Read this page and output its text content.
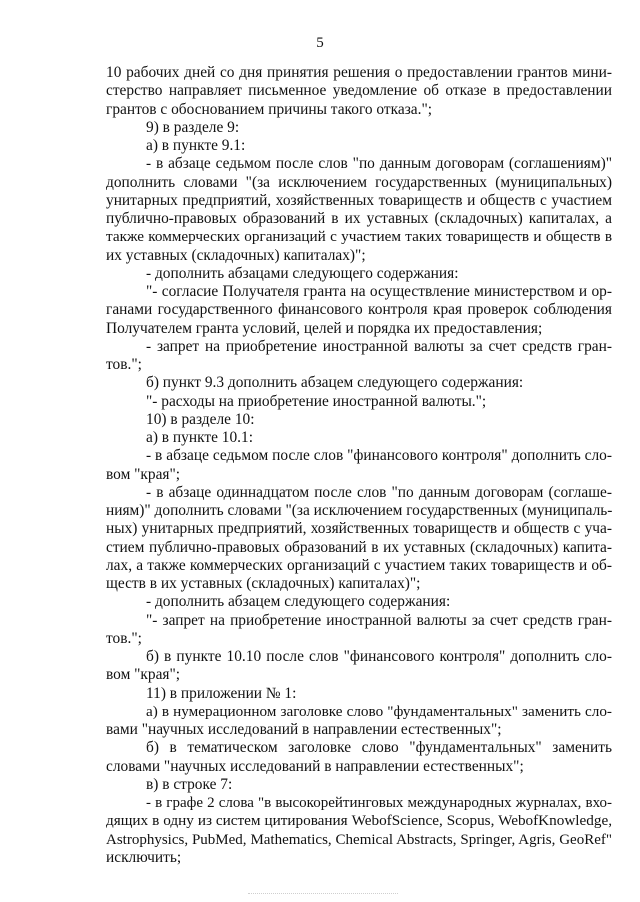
5
10 рабочих дней со дня принятия решения о предоставлении грантов мини-
стерство направляет письменное уведомление об отказе в предоставлении
грантов с обоснованием причины такого отказа.";
9) в разделе 9:
а) в пункте 9.1:
- в абзаце седьмом после слов "по данным договорам (соглашениям)"
дополнить словами "(за исключением государственных (муниципальных)
унитарных предприятий, хозяйственных товариществ и обществ с участием
публично-правовых образований в их уставных (складочных) капиталах, а
также коммерческих организаций с участием таких товариществ и обществ в
их уставных (складочных) капиталах)";
- дополнить абзацами следующего содержания:
"- согласие Получателя гранта на осуществление министерством и ор-
ганами государственного финансового контроля края проверок соблюдения
Получателем гранта условий, целей и порядка их предоставления;
- запрет на приобретение иностранной валюты за счет средств гран-
тов.";
б) пункт 9.3 дополнить абзацем следующего содержания:
"- расходы на приобретение иностранной валюты.";
10) в разделе 10:
а) в пункте 10.1:
- в абзаце седьмом после слов "финансового контроля" дополнить сло-
вом "края";
- в абзаце одиннадцатом после слов "по данным договорам (соглаше-
ниям)" дополнить словами "(за исключением государственных (муниципаль-
ных) унитарных предприятий, хозяйственных товариществ и обществ с уча-
стием публично-правовых образований в их уставных (складочных) капита-
лах, а также коммерческих организаций с участием таких товариществ и об-
ществ в их уставных (складочных) капиталах)";
- дополнить абзацем следующего содержания:
"- запрет на приобретение иностранной валюты за счет средств гран-
тов.";
б) в пункте 10.10 после слов "финансового контроля" дополнить сло-
вом "края";
11) в приложении № 1:
а) в нумерационном заголовке слово "фундаментальных" заменить сло-
вами "научных исследований в направлении естественных";
б) в тематическом заголовке слово "фундаментальных" заменить
словами "научных исследований в направлении естественных";
в) в строке 7:
- в графе 2 слова "в высокорейтинговых международных журналах, вхо-
дящих в одну из систем цитирования WebofScience, Scopus, WebofKnowledge,
Astrophysics, PubMed, Mathematics, Chemical Abstracts, Springer, Agris, GeoRef"
исключить;
